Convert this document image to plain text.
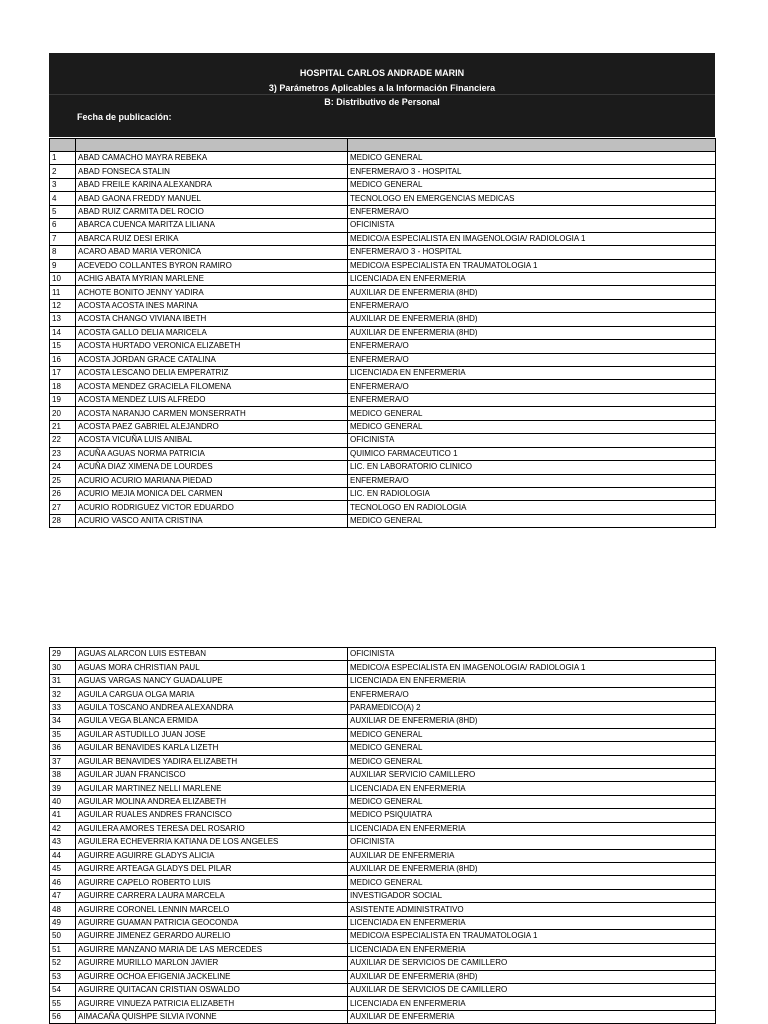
HOSPITAL CARLOS ANDRADE MARIN
3) Parámetros Aplicables a la Información Financiera
B: Distributivo de Personal
Fecha de publicación:

1	ABAD CAMACHO MAYRA REBEKA	MEDICO GENERAL
2	ABAD FONSECA STALIN	ENFERMERA/O 3 - HOSPITAL
3	ABAD FREILE KARINA ALEXANDRA	MEDICO GENERAL
4	ABAD GAONA FREDDY MANUEL	TECNOLOGO EN EMERGENCIAS MEDICAS
5	ABAD RUIZ CARMITA DEL ROCIO	ENFERMERA/O
6	ABARCA CUENCA MARITZA LILIANA	OFICINISTA
7	ABARCA RUIZ DESI ERIKA	MEDICO/A ESPECIALISTA EN IMAGENOLOGIA/ RADIOLOGIA 1
8	ACARO ABAD MARIA VERONICA	ENFERMERA/O 3 - HOSPITAL
9	ACEVEDO COLLANTES BYRON RAMIRO	MEDICO/A ESPECIALISTA EN TRAUMATOLOGIA 1
10	ACHIG ABATA MYRIAN MARLENE	LICENCIADA EN ENFERMERIA
11	ACHOTE BONITO JENNY YADIRA	AUXILIAR DE ENFERMERIA (8HD)
12	ACOSTA ACOSTA INES MARINA	ENFERMERA/O
13	ACOSTA CHANGO VIVIANA IBETH	AUXILIAR DE ENFERMERIA (8HD)
14	ACOSTA GALLO DELIA MARICELA	AUXILIAR DE ENFERMERIA (8HD)
15	ACOSTA HURTADO VERONICA ELIZABETH	ENFERMERA/O
16	ACOSTA JORDAN GRACE CATALINA	ENFERMERA/O
17	ACOSTA LESCANO DELIA EMPERATRIZ	LICENCIADA EN ENFERMERIA
18	ACOSTA MENDEZ GRACIELA FILOMENA	ENFERMERA/O
19	ACOSTA MENDEZ LUIS ALFREDO	ENFERMERA/O
20	ACOSTA NARANJO CARMEN MONSERRATH	MEDICO GENERAL
21	ACOSTA PAEZ GABRIEL ALEJANDRO	MEDICO GENERAL
22	ACOSTA VICUÑA LUIS ANIBAL	OFICINISTA
23	ACUÑA AGUAS NORMA PATRICIA	QUIMICO FARMACEUTICO 1
24	ACUÑA DIAZ XIMENA DE LOURDES	LIC. EN LABORATORIO CLINICO
25	ACURIO ACURIO MARIANA PIEDAD	ENFERMERA/O
26	ACURIO MEJIA MONICA DEL CARMEN	LIC. EN RADIOLOGIA
27	ACURIO RODRIGUEZ VICTOR EDUARDO	TECNOLOGO EN RADIOLOGIA
28	ACURIO VASCO ANITA CRISTINA	MEDICO GENERAL
29	AGUAS ALARCON LUIS ESTEBAN	OFICINISTA
30	AGUAS MORA CHRISTIAN PAUL	MEDICO/A ESPECIALISTA EN IMAGENOLOGIA/ RADIOLOGIA 1
31	AGUAS VARGAS NANCY GUADALUPE	LICENCIADA EN ENFERMERIA
32	AGUILA CARGUA OLGA MARIA	ENFERMERA/O
33	AGUILA TOSCANO ANDREA ALEXANDRA	PARAMEDICO(A) 2
34	AGUILA VEGA BLANCA ERMIDA	AUXILIAR DE ENFERMERIA (8HD)
35	AGUILAR ASTUDILLO JUAN JOSE	MEDICO GENERAL
36	AGUILAR BENAVIDES KARLA LIZETH	MEDICO GENERAL
37	AGUILAR BENAVIDES YADIRA ELIZABETH	MEDICO GENERAL
38	AGUILAR JUAN FRANCISCO	AUXILIAR SERVICIO CAMILLERO
39	AGUILAR MARTINEZ NELLI MARLENE	LICENCIADA EN ENFERMERIA
40	AGUILAR MOLINA ANDREA ELIZABETH	MEDICO GENERAL
41	AGUILAR RUALES ANDRES FRANCISCO	MEDICO PSIQUIATRA
42	AGUILERA AMORES TERESA DEL ROSARIO	LICENCIADA EN ENFERMERIA
43	AGUILERA ECHEVERRIA KATIANA DE LOS ANGELES	OFICINISTA
44	AGUIRRE AGUIRRE GLADYS ALICIA	AUXILIAR DE ENFERMERIA
45	AGUIRRE ARTEAGA GLADYS DEL PILAR	AUXILIAR DE ENFERMERIA (8HD)
46	AGUIRRE CAPELO ROBERTO LUIS	MEDICO GENERAL
47	AGUIRRE CARRERA LAURA MARCELA	INVESTIGADOR SOCIAL
48	AGUIRRE CORONEL LENNIN MARCELO	ASISTENTE ADMINISTRATIVO
49	AGUIRRE GUAMAN PATRICIA GEOCONDA	LICENCIADA EN ENFERMERIA
50	AGUIRRE JIMENEZ GERARDO AURELIO	MEDICO/A ESPECIALISTA EN TRAUMATOLOGIA 1
51	AGUIRRE MANZANO MARIA DE LAS MERCEDES	LICENCIADA EN ENFERMERIA
52	AGUIRRE MURILLO MARLON JAVIER	AUXILIAR DE SERVICIOS DE CAMILLERO
53	AGUIRRE OCHOA EFIGENIA JACKELINE	AUXILIAR DE ENFERMERIA (8HD)
54	AGUIRRE QUITACAN CRISTIAN OSWALDO	AUXILIAR DE SERVICIOS DE CAMILLERO
55	AGUIRRE VINUEZA PATRICIA ELIZABETH	LICENCIADA EN ENFERMERIA
56	AIMACAÑA QUISHPE SILVIA IVONNE	AUXILIAR DE ENFERMERIA
